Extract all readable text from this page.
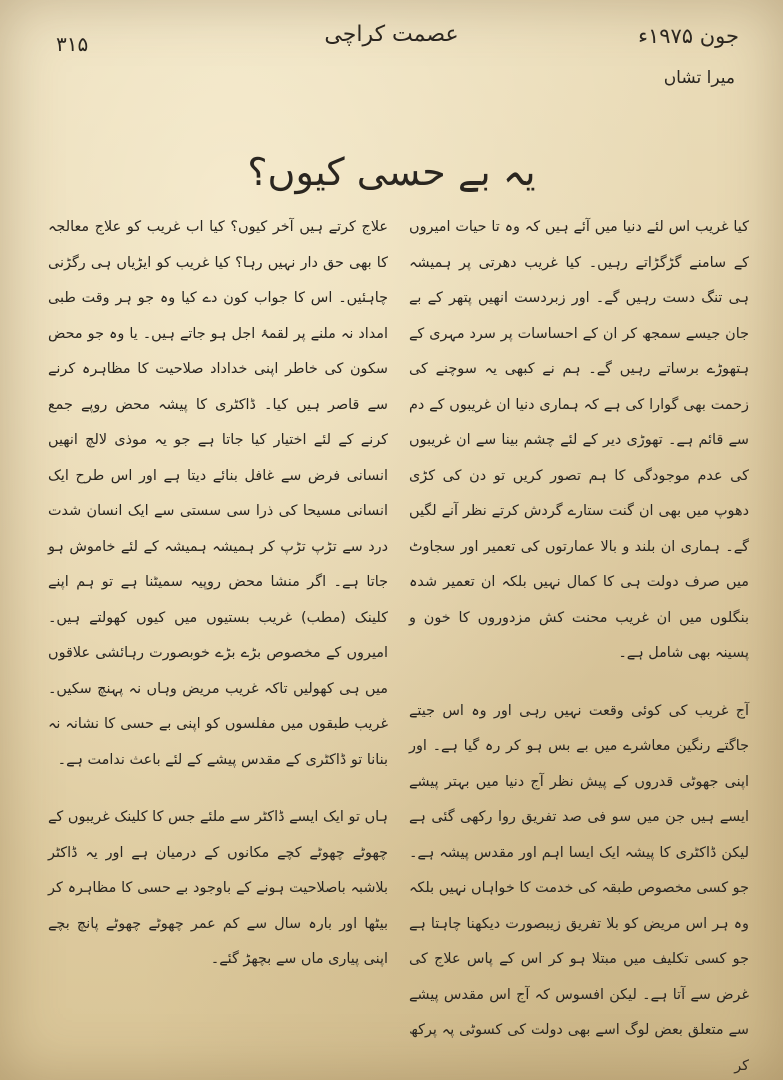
۳۱۵	عصمت کراچی	جون ۱۹۷۵ء
میرا تشاں
یہ بے حسی کیوں؟

کیا غریب اس لئے دنیا میں آئے ہیں کہ وہ تا حیات امیروں کے سامنے گڑگڑاتے رہیں۔ کیا غریب دھرتی پر ہمیشہ ہی تنگ دست رہیں گے۔ اور زبردست انھیں پتھر کے بے جان جیسے سمجھ کر ان کے احساسات پر سرد مہری کے ہتھوڑے برساتے رہیں گے۔ ہم نے کبھی یہ سوچنے کی زحمت بھی گوارا کی ہے کہ ہماری دنیا ان غریبوں کے دم سے قائم ہے۔ تھوڑی دیر کے لئے چشم بینا سے ان غریبوں کی عدم موجودگی کا ہم تصور کریں تو دن کی کڑی دھوپ میں بھی ان گنت ستارے گردش کرتے نظر آنے لگیں گے۔ ہماری ان بلند و بالا عمارتوں کی تعمیر اور سجاوٹ میں صرف دولت ہی کا کمال نہیں بلکہ ان تعمیر شدہ بنگلوں میں ان غریب محنت کش مزدوروں کا خون و پسینہ بھی شامل ہے۔

آج غریب کی کوئی وقعت نہیں رہی اور وہ اس جیتے جاگتے رنگین معاشرے میں بے بس ہو کر رہ گیا ہے۔ اور اپنی جھوٹی قدروں کے پیش نظر آج دنیا میں بہتر پیشے ایسے ہیں جن میں سو فی صد تفریق روا رکھی گئی ہے لیکن ڈاکٹری کا پیشہ ایک ایسا اہم اور مقدس پیشہ ہے۔ جو کسی مخصوص طبقہ کی خدمت کا خواہاں نہیں بلکہ وہ ہر اس مریض کو بلا تفریق زیبصورت دیکھنا چاہتا ہے جو کسی تکلیف میں مبتلا ہو کر اس کے پاس علاج کی غرض سے آتا ہے۔ لیکن افسوس کہ آج اس مقدس پیشے سے متعلق بعض لوگ اسے بھی دولت کی کسوٹی پہ پرکھ کر

علاج کرتے ہیں آخر کیوں؟ کیا اب غریب کو علاج معالجہ کا بھی حق دار نہیں رہا؟ کیا غریب کو ایڑیاں ہی رگڑنی چاہئیں۔ اس کا جواب کون دے کیا وہ جو ہر وقت طبی امداد نہ ملنے پر لقمۂ اجل ہو جاتے ہیں۔ یا وہ جو محض سکون کی خاطر اپنی خداداد صلاحیت کا مظاہرہ کرنے سے قاصر ہیں کیا۔ ڈاکٹری کا پیشہ محض روپے جمع کرنے کے لئے اختیار کیا جاتا ہے جو یہ موذی لالچ انھیں انسانی فرض سے غافل بنائے دیتا ہے اور اس طرح ایک انسانی مسیحا کی ذرا سی سستی سے ایک انسان شدت درد سے تڑپ تڑپ کر ہمیشہ ہمیشہ کے لئے خاموش ہو جاتا ہے۔ اگر منشا محض روپیہ سمیٹنا ہے تو ہم اپنے کلینک (مطب) غریب بستیوں میں کیوں کھولتے ہیں۔ امیروں کے مخصوص بڑے بڑے خوبصورت رہائشی علاقوں میں ہی کھولیں تاکہ غریب مریض وہاں نہ پہنچ سکیں۔ غریب طبقوں میں مفلسوں کو اپنی بے حسی کا نشانہ نہ بنانا تو ڈاکٹری کے مقدس پیشے کے لئے باعث ندامت ہے۔

ہاں تو ایک ایسے ڈاکٹر سے ملئے جس کا کلینک غریبوں کے چھوٹے چھوٹے کچے مکانوں کے درمیان ہے اور یہ ڈاکٹر بلاشبہ باصلاحیت ہونے کے باوجود بے حسی کا مظاہرہ کر بیٹھا اور بارہ سال سے کم عمر چھوٹے چھوٹے پانچ بچے اپنی پیاری ماں سے بچھڑ گئے۔
